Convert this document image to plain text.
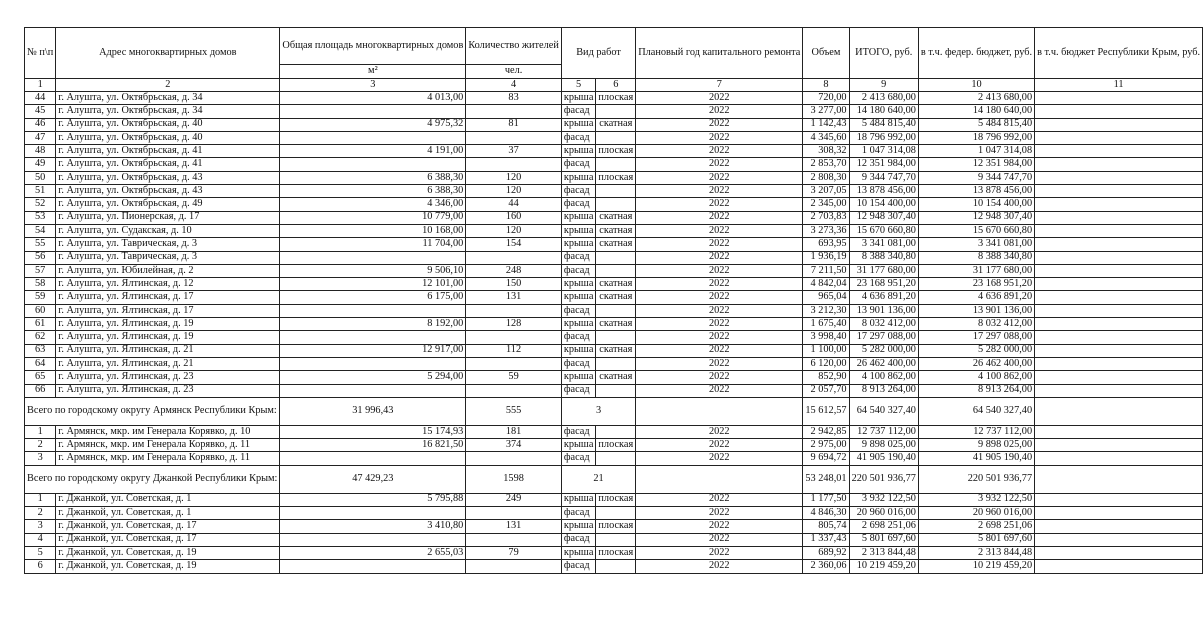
№ п\п	Адрес многоквартирных домов	Общая площадь многоквартирных домов	Количество жителей	Вид работ		Плановый год капитального ремонта	Объем	ИТОГО, руб.	в т.ч. федер. бюджет, руб.	в т.ч. бюджет Республики Крым, руб.
		м²	чел.							
1	2	3	4	5	6	7	8	9	10	11
44	г. Алушта, ул. Октябрьская, д. 34	4 013,00	83	крыша	плоская	2022	720,00	2 413 680,00	2 413 680,00	
45	г. Алушта, ул. Октябрьская, д. 34			фасад		2022	3 277,00	14 180 640,00	14 180 640,00	
46	г. Алушта, ул. Октябрьская, д. 40	4 975,32	81	крыша	скатная	2022	1 142,43	5 484 815,40	5 484 815,40	
47	г. Алушта, ул. Октябрьская, д. 40			фасад		2022	4 345,60	18 796 992,00	18 796 992,00	
48	г. Алушта, ул. Октябрьская, д. 41	4 191,00	37	крыша	плоская	2022	308,32	1 047 314,08	1 047 314,08	
49	г. Алушта, ул. Октябрьская, д. 41			фасад		2022	2 853,70	12 351 984,00	12 351 984,00	
50	г. Алушта, ул. Октябрьская, д. 43	6 388,30	120	крыша	плоская	2022	2 808,30	9 344 747,70	9 344 747,70	
51	г. Алушта, ул. Октябрьская, д. 43	6 388,30	120	фасад		2022	3 207,05	13 878 456,00	13 878 456,00	
52	г. Алушта, ул. Октябрьская, д. 49	4 346,00	44	фасад		2022	2 345,00	10 154 400,00	10 154 400,00	
53	г. Алушта, ул. Пионерская, д. 17	10 779,00	160	крыша	скатная	2022	2 703,83	12 948 307,40	12 948 307,40	
54	г. Алушта, ул. Судакская, д. 10	10 168,00	120	крыша	скатная	2022	3 273,36	15 670 660,80	15 670 660,80	
55	г. Алушта, ул. Таврическая, д. 3	11 704,00	154	крыша	скатная	2022	693,95	3 341 081,00	3 341 081,00	
56	г. Алушта, ул. Таврическая, д. 3			фасад		2022	1 936,19	8 388 340,80	8 388 340,80	
57	г. Алушта, ул. Юбилейная, д. 2	9 506,10	248	фасад		2022	7 211,50	31 177 680,00	31 177 680,00	
58	г. Алушта, ул. Ялтинская, д. 12	12 101,00	150	крыша	скатная	2022	4 842,04	23 168 951,20	23 168 951,20	
59	г. Алушта, ул. Ялтинская, д. 17	6 175,00	131	крыша	скатная	2022	965,04	4 636 891,20	4 636 891,20	
60	г. Алушта, ул. Ялтинская, д. 17			фасад		2022	3 212,30	13 901 136,00	13 901 136,00	
61	г. Алушта, ул. Ялтинская, д. 19	8 192,00	128	крыша	скатная	2022	1 675,40	8 032 412,00	8 032 412,00	
62	г. Алушта, ул. Ялтинская, д. 19			фасад		2022	3 998,40	17 297 088,00	17 297 088,00	
63	г. Алушта, ул. Ялтинская, д. 21	12 917,00	112	крыша	скатная	2022	1 100,00	5 282 000,00	5 282 000,00	
64	г. Алушта, ул. Ялтинская, д. 21			фасад		2022	6 120,00	26 462 400,00	26 462 400,00	
65	г. Алушта, ул. Ялтинская, д. 23	5 294,00	59	крыша	скатная	2022	852,90	4 100 862,00	4 100 862,00	
66	г. Алушта, ул. Ялтинская, д. 23			фасад		2022	2 057,70	8 913 264,00	8 913 264,00	
Всего по городскому округу Армянск Республики Крым:		31 996,43	555	3			15 612,57	64 540 327,40	64 540 327,40	
1	г. Армянск, мкр. им Генерала Корявко, д. 10	15 174,93	181	фасад		2022	2 942,85	12 737 112,00	12 737 112,00	
2	г. Армянск, мкр. им Генерала Корявко, д. 11	16 821,50	374	крыша	плоская	2022	2 975,00	9 898 025,00	9 898 025,00	
3	г. Армянск, мкр. им Генерала Корявко, д. 11			фасад		2022	9 694,72	41 905 190,40	41 905 190,40	
Всего по городскому округу Джанкой Республики Крым:		47 429,23	1598	21			53 248,01	220 501 936,77	220 501 936,77	
1	г. Джанкой, ул. Советская, д. 1	5 795,88	249	крыша	плоская	2022	1 177,50	3 932 122,50	3 932 122,50	
2	г. Джанкой, ул. Советская, д. 1			фасад		2022	4 846,30	20 960 016,00	20 960 016,00	
3	г. Джанкой, ул. Советская, д. 17	3 410,80	131	крыша	плоская	2022	805,74	2 698 251,06	2 698 251,06	
4	г. Джанкой, ул. Советская, д. 17			фасад		2022	1 337,43	5 801 697,60	5 801 697,60	
5	г. Джанкой, ул. Советская, д. 19	2 655,03	79	крыша	плоская	2022	689,92	2 313 844,48	2 313 844,48	
6	г. Джанкой, ул. Советская, д. 19			фасад		2022	2 360,06	10 219 459,20	10 219 459,20	
